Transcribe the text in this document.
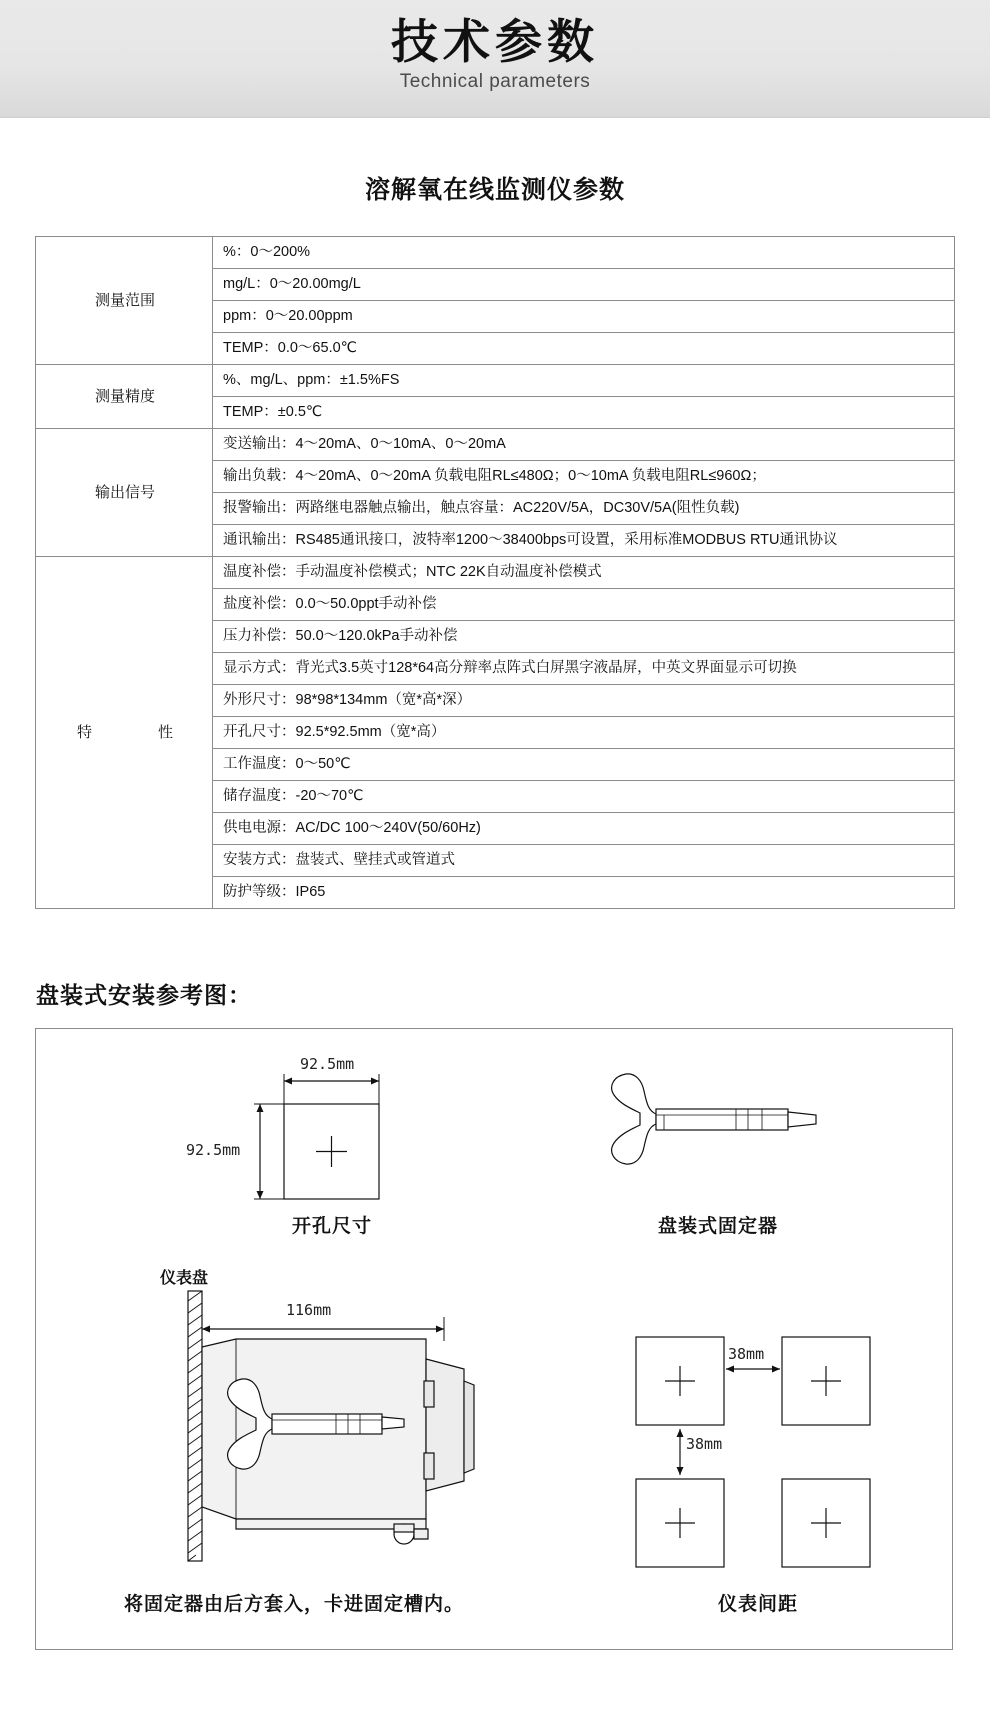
技术参数
Technical parameters
溶解氧在线监测仪参数
测量范围	%：0～200%
	mg/L：0～20.00mg/L
	ppm：0～20.00ppm
	TEMP：0.0～65.0℃
测量精度	%、mg/L、ppm：±1.5%FS
	TEMP：±0.5℃
输出信号	变送输出：4～20mA、0～10mA、0～20mA
	输出负载：4～20mA、0～20mA 负载电阻RL≤480Ω；0～10mA 负载电阻RL≤960Ω；
	报警输出：两路继电器触点输出，触点容量：AC220V/5A，DC30V/5A(阻性负载)
	通讯输出：RS485通讯接口，波特率1200～38400bps可设置，采用标准MODBUS RTU通讯协议
特　　性	温度补偿：手动温度补偿模式；NTC 22K自动温度补偿模式
	盐度补偿：0.0～50.0ppt手动补偿
	压力补偿：50.0～120.0kPa手动补偿
	显示方式：背光式3.5英寸128*64高分辩率点阵式白屏黑字液晶屏，中英文界面显示可切换
	外形尺寸：98*98*134mm（宽*高*深）
	开孔尺寸：92.5*92.5mm（宽*高）
	工作温度：0～50℃
	储存温度：-20～70℃
	供电电源：AC/DC 100～240V(50/60Hz)
	安装方式：盘装式、壁挂式或管道式
	防护等级：IP65
盘装式安装参考图：
92.5mm
92.5mm
116mm
38mm
38mm
仪表盘
开孔尺寸	盘装式固定器
将固定器由后方套入，卡进固定槽内。	仪表间距
